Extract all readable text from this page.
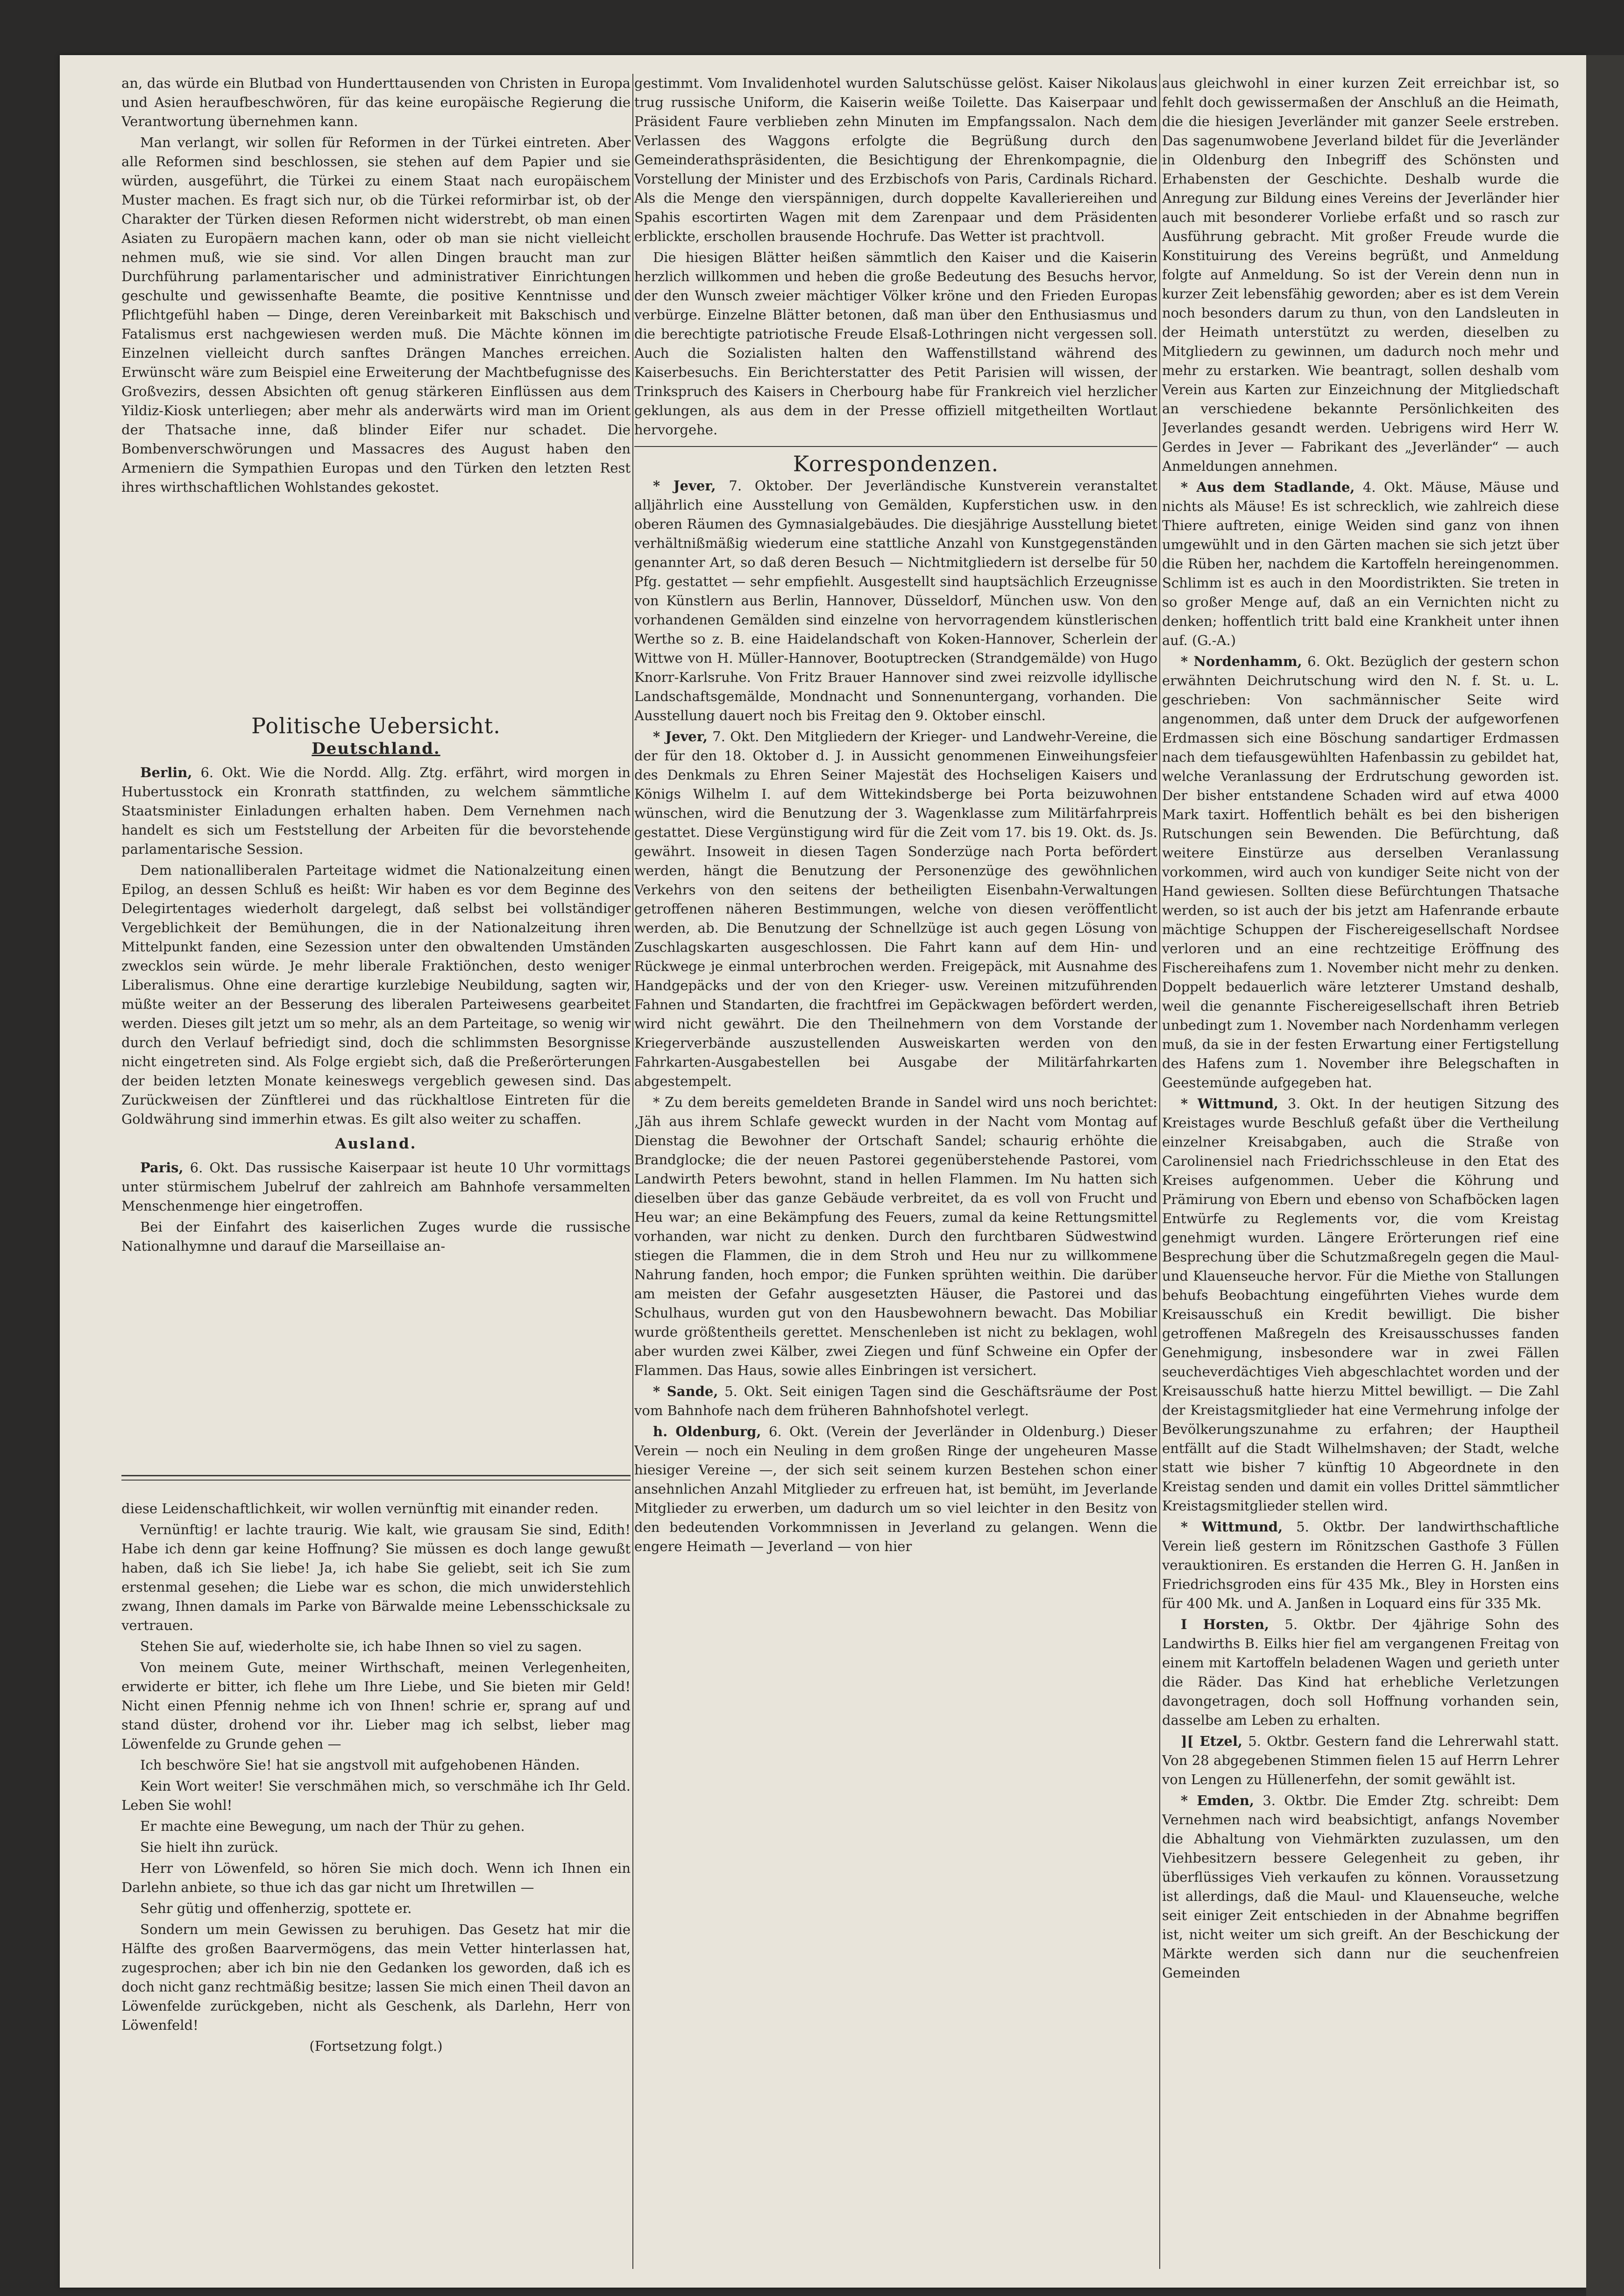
an, das würde ein Blutbad von Hunderttausenden von Christen in Europa und Asien heraufbeschwören, für das keine europäische Regierung die Verantwortung übernehmen kann.

Man verlangt, wir sollen für Reformen in der Türkei eintreten. Aber alle Reformen sind beschlossen, sie stehen auf dem Papier und sie würden, ausgeführt, die Türkei zu einem Staat nach europäischem Muster machen. Es fragt sich nur, ob die Türkei reformirbar ist, ob der Charakter der Türken diesen Reformen nicht widerstrebt, ob man einen Asiaten zu Europäern machen kann, oder ob man sie nicht vielleicht nehmen muß, wie sie sind. Vor allen Dingen braucht man zur Durchführung parlamentarischer und administrativer Einrichtungen geschulte und gewissenhafte Beamte, die positive Kenntnisse und Pflichtgefühl haben — Dinge, deren Vereinbarkeit mit Bakschisch und Fatalismus erst nachgewiesen werden muß. Die Mächte können im Einzelnen vielleicht durch sanftes Drängen Manches erreichen. Erwünscht wäre zum Beispiel eine Erweiterung der Machtbefugnisse des Großvezirs, dessen Absichten oft genug stärkeren Einflüssen aus dem Yildiz-Kiosk unterliegen; aber mehr als anderwärts wird man im Orient der Thatsache inne, daß blinder Eifer nur schadet. Die Bombenverschwörungen und Massacres des August haben den Armeniern die Sympathien Europas und den Türken den letzten Rest ihres wirthschaftlichen Wohlstandes gekostet.

Politische Uebersicht.
Deutschland.

Berlin, 6. Okt. Wie die Nordd. Allg. Ztg. erfährt, wird morgen in Hubertusstock ein Kronrath stattfinden, zu welchem sämmtliche Staatsminister Einladungen erhalten haben. Dem Vernehmen nach handelt es sich um Feststellung der Arbeiten für die bevorstehende parlamentarische Session.

Dem nationalliberalen Parteitage widmet die Nationalzeitung einen Epilog, an dessen Schluß es heißt: Wir haben es vor dem Beginne des Delegirtentages wiederholt dargelegt, daß selbst bei vollständiger Vergeblichkeit der Bemühungen, die in der Nationalzeitung ihren Mittelpunkt fanden, eine Sezession unter den obwaltenden Umständen zwecklos sein würde. Je mehr liberale Fraktiönchen, desto weniger Liberalismus. Ohne eine derartige kurzlebige Neubildung, sagten wir, müßte weiter an der Besserung des liberalen Parteiwesens gearbeitet werden. Dieses gilt jetzt um so mehr, als an dem Parteitage, so wenig wir durch den Verlauf befriedigt sind, doch die schlimmsten Besorgnisse nicht eingetreten sind. Als Folge ergiebt sich, daß die Preßerörterungen der beiden letzten Monate keineswegs vergeblich gewesen sind. Das Zurückweisen der Zünftlerei und das rückhaltlose Eintreten für die Goldwährung sind immerhin etwas. Es gilt also weiter zu schaffen.

Ausland.

Paris, 6. Okt. Das russische Kaiserpaar ist heute 10 Uhr vormittags unter stürmischem Jubelruf der zahlreich am Bahnhofe versammelten Menschenmenge hier eingetroffen.

Bei der Einfahrt des kaiserlichen Zuges wurde die russische Nationalhymne und darauf die Marseillaise an-

diese Leidenschaftlichkeit, wir wollen vernünftig mit einander reden.

Vernünftig! er lachte traurig. Wie kalt, wie grausam Sie sind, Edith! Habe ich denn gar keine Hoffnung? Sie müssen es doch lange gewußt haben, daß ich Sie liebe! Ja, ich habe Sie geliebt, seit ich Sie zum erstenmal gesehen; die Liebe war es schon, die mich unwiderstehlich zwang, Ihnen damals im Parke von Bärwalde meine Lebensschicksale zu vertrauen.

Stehen Sie auf, wiederholte sie, ich habe Ihnen so viel zu sagen.

Von meinem Gute, meiner Wirthschaft, meinen Verlegenheiten, erwiderte er bitter, ich flehe um Ihre Liebe, und Sie bieten mir Geld! Nicht einen Pfennig nehme ich von Ihnen! schrie er, sprang auf und stand düster, drohend vor ihr. Lieber mag ich selbst, lieber mag Löwenfelde zu Grunde gehen —

Ich beschwöre Sie! hat sie angstvoll mit aufgehobenen Händen.

Kein Wort weiter! Sie verschmähen mich, so verschmähe ich Ihr Geld. Leben Sie wohl!

Er machte eine Bewegung, um nach der Thür zu gehen.

Sie hielt ihn zurück.

Herr von Löwenfeld, so hören Sie mich doch. Wenn ich Ihnen ein Darlehn anbiete, so thue ich das gar nicht um Ihretwillen —

Sehr gütig und offenherzig, spottete er.

Sondern um mein Gewissen zu beruhigen. Das Gesetz hat mir die Hälfte des großen Baarvermögens, das mein Vetter hinterlassen hat, zugesprochen; aber ich bin nie den Gedanken los geworden, daß ich es doch nicht ganz rechtmäßig besitze; lassen Sie mich einen Theil davon an Löwenfelde zurückgeben, nicht als Geschenk, als Darlehn, Herr von Löwenfeld!

(Fortsetzung folgt.)

gestimmt. Vom Invalidenhotel wurden Salutschüsse gelöst. Kaiser Nikolaus trug russische Uniform, die Kaiserin weiße Toilette. Das Kaiserpaar und Präsident Faure verblieben zehn Minuten im Empfangssalon. Nach dem Verlassen des Waggons erfolgte die Begrüßung durch den Gemeinderathspräsidenten, die Besichtigung der Ehrenkompagnie, die Vorstellung der Minister und des Erzbischofs von Paris, Cardinals Richard. Als die Menge den vierspännigen, durch doppelte Kavalleriereihen und Spahis escortirten Wagen mit dem Zarenpaar und dem Präsidenten erblickte, erschollen brausende Hochrufe. Das Wetter ist prachtvoll.

Die hiesigen Blätter heißen sämmtlich den Kaiser und die Kaiserin herzlich willkommen und heben die große Bedeutung des Besuchs hervor, der den Wunsch zweier mächtiger Völker kröne und den Frieden Europas verbürge. Einzelne Blätter betonen, daß man über den Enthusiasmus und die berechtigte patriotische Freude Elsaß-Lothringen nicht vergessen soll. Auch die Sozialisten halten den Waffenstillstand während des Kaiserbesuchs. Ein Berichterstatter des Petit Parisien will wissen, der Trinkspruch des Kaisers in Cherbourg habe für Frankreich viel herzlicher geklungen, als aus dem in der Presse offiziell mitgetheilten Wortlaut hervorgehe.

Korrespondenzen.

* Jever, 7. Oktober. Der Jeverländische Kunstverein veranstaltet alljährlich eine Ausstellung von Gemälden, Kupferstichen usw. in den oberen Räumen des Gymnasialgebäudes. Die diesjährige Ausstellung bietet verhältnißmäßig wiederum eine stattliche Anzahl von Kunstgegenständen genannter Art, so daß deren Besuch — Nichtmitgliedern ist derselbe für 50 Pfg. gestattet — sehr empfiehlt. Ausgestellt sind hauptsächlich Erzeugnisse von Künstlern aus Berlin, Hannover, Düsseldorf, München usw. Von den vorhandenen Gemälden sind einzelne von hervorragendem künstlerischen Werthe so z. B. eine Haidelandschaft von Koken-Hannover, Scherlein der Wittwe von H. Müller-Hannover, Bootuptrecken (Strandgemälde) von Hugo Knorr-Karlsruhe. Von Fritz Brauer Hannover sind zwei reizvolle idyllische Landschaftsgemälde, Mondnacht und Sonnenuntergang, vorhanden. Die Ausstellung dauert noch bis Freitag den 9. Oktober einschl.

* Jever, 7. Okt. Den Mitgliedern der Krieger- und Landwehr-Vereine, die der für den 18. Oktober d. J. in Aussicht genommenen Einweihungsfeier des Denkmals zu Ehren Seiner Majestät des Hochseligen Kaisers und Königs Wilhelm I. auf dem Wittekindsberge bei Porta beizuwohnen wünschen, wird die Benutzung der 3. Wagenklasse zum Militärfahrpreis gestattet. Diese Vergünstigung wird für die Zeit vom 17. bis 19. Okt. ds. Js. gewährt. Insoweit in diesen Tagen Sonderzüge nach Porta befördert werden, hängt die Benutzung der Personenzüge des gewöhnlichen Verkehrs von den seitens der betheiligten Eisenbahn-Verwaltungen getroffenen näheren Bestimmungen, welche von diesen veröffentlicht werden, ab. Die Benutzung der Schnellzüge ist auch gegen Lösung von Zuschlagskarten ausgeschlossen. Die Fahrt kann auf dem Hin- und Rückwege je einmal unterbrochen werden. Freigepäck, mit Ausnahme des Handgepäcks und der von den Krieger- usw. Vereinen mitzuführenden Fahnen und Standarten, die frachtfrei im Gepäckwagen befördert werden, wird nicht gewährt. Die den Theilnehmern von dem Vorstande der Kriegerverbände auszustellenden Ausweiskarten werden von den Fahrkarten-Ausgabestellen bei Ausgabe der Militärfahrkarten abgestempelt.

* Zu dem bereits gemeldeten Brande in Sandel wird uns noch berichtet: ‚Jäh aus ihrem Schlafe geweckt wurden in der Nacht vom Montag auf Dienstag die Bewohner der Ortschaft Sandel; schaurig erhöhte die Brandglocke; die der neuen Pastorei gegenüberstehende Pastorei, vom Landwirth Peters bewohnt, stand in hellen Flammen. Im Nu hatten sich dieselben über das ganze Gebäude verbreitet, da es voll von Frucht und Heu war; an eine Bekämpfung des Feuers, zumal da keine Rettungsmittel vorhanden, war nicht zu denken. Durch den furchtbaren Südwestwind stiegen die Flammen, die in dem Stroh und Heu nur zu willkommene Nahrung fanden, hoch empor; die Funken sprühten weithin. Die darüber am meisten der Gefahr ausgesetzten Häuser, die Pastorei und das Schulhaus, wurden gut von den Hausbewohnern bewacht. Das Mobiliar wurde größtentheils gerettet. Menschenleben ist nicht zu beklagen, wohl aber wurden zwei Kälber, zwei Ziegen und fünf Schweine ein Opfer der Flammen. Das Haus, sowie alles Einbringen ist versichert.

* Sande, 5. Okt. Seit einigen Tagen sind die Geschäftsräume der Post vom Bahnhofe nach dem früheren Bahnhofshotel verlegt.

h. Oldenburg, 6. Okt. (Verein der Jeverländer in Oldenburg.) Dieser Verein — noch ein Neuling in dem großen Ringe der ungeheuren Masse hiesiger Vereine —, der sich seit seinem kurzen Bestehen schon einer ansehnlichen Anzahl Mitglieder zu erfreuen hat, ist bemüht, im Jeverlande Mitglieder zu erwerben, um dadurch um so viel leichter in den Besitz von den bedeutenden Vorkommnissen in Jeverland zu gelangen. Wenn die engere Heimath — Jeverland — von hier

aus gleichwohl in einer kurzen Zeit erreichbar ist, so fehlt doch gewissermaßen der Anschluß an die Heimath, die die hiesigen Jeverländer mit ganzer Seele erstreben. Das sagenumwobene Jeverland bildet für die Jeverländer in Oldenburg den Inbegriff des Schönsten und Erhabensten der Geschichte. Deshalb wurde die Anregung zur Bildung eines Vereins der Jeverländer hier auch mit besonderer Vorliebe erfaßt und so rasch zur Ausführung gebracht. Mit großer Freude wurde die Konstituirung des Vereins begrüßt, und Anmeldung folgte auf Anmeldung. So ist der Verein denn nun in kurzer Zeit lebensfähig geworden; aber es ist dem Verein noch besonders darum zu thun, von den Landsleuten in der Heimath unterstützt zu werden, dieselben zu Mitgliedern zu gewinnen, um dadurch noch mehr und mehr zu erstarken. Wie beantragt, sollen deshalb vom Verein aus Karten zur Einzeichnung der Mitgliedschaft an verschiedene bekannte Persönlichkeiten des Jeverlandes gesandt werden. Uebrigens wird Herr W. Gerdes in Jever — Fabrikant des „Jeverländer“ — auch Anmeldungen annehmen.

* Aus dem Stadlande, 4. Okt. Mäuse, Mäuse und nichts als Mäuse! Es ist schrecklich, wie zahlreich diese Thiere auftreten, einige Weiden sind ganz von ihnen umgewühlt und in den Gärten machen sie sich jetzt über die Rüben her, nachdem die Kartoffeln hereingenommen. Schlimm ist es auch in den Moordistrikten. Sie treten in so großer Menge auf, daß an ein Vernichten nicht zu denken; hoffentlich tritt bald eine Krankheit unter ihnen auf. (G.-A.)

* Nordenhamm, 6. Okt. Bezüglich der gestern schon erwähnten Deichrutschung wird den N. f. St. u. L. geschrieben: Von sachmännischer Seite wird angenommen, daß unter dem Druck der aufgeworfenen Erdmassen sich eine Böschung sandartiger Erdmassen nach dem tiefausgewühlten Hafenbassin zu gebildet hat, welche Veranlassung der Erdrutschung geworden ist. Der bisher entstandene Schaden wird auf etwa 4000 Mark taxirt. Hoffentlich behält es bei den bisherigen Rutschungen sein Bewenden. Die Befürchtung, daß weitere Einstürze aus derselben Veranlassung vorkommen, wird auch von kundiger Seite nicht von der Hand gewiesen. Sollten diese Befürchtungen Thatsache werden, so ist auch der bis jetzt am Hafenrande erbaute mächtige Schuppen der Fischereigesellschaft Nordsee verloren und an eine rechtzeitige Eröffnung des Fischereihafens zum 1. November nicht mehr zu denken. Doppelt bedauerlich wäre letzterer Umstand deshalb, weil die genannte Fischereigesellschaft ihren Betrieb unbedingt zum 1. November nach Nordenhamm verlegen muß, da sie in der festen Erwartung einer Fertigstellung des Hafens zum 1. November ihre Belegschaften in Geestemünde aufgegeben hat.

* Wittmund, 3. Okt. In der heutigen Sitzung des Kreistages wurde Beschluß gefaßt über die Vertheilung einzelner Kreisabgaben, auch die Straße von Carolinensiel nach Friedrichsschleuse in den Etat des Kreises aufgenommen. Ueber die Köhrung und Prämirung von Ebern und ebenso von Schafböcken lagen Entwürfe zu Reglements vor, die vom Kreistag genehmigt wurden. Längere Erörterungen rief eine Besprechung über die Schutzmaßregeln gegen die Maul- und Klauenseuche hervor. Für die Miethe von Stallungen behufs Beobachtung eingeführten Viehes wurde dem Kreisausschuß ein Kredit bewilligt. Die bisher getroffenen Maßregeln des Kreisausschusses fanden Genehmigung, insbesondere war in zwei Fällen seucheverdächtiges Vieh abgeschlachtet worden und der Kreisausschuß hatte hierzu Mittel bewilligt. — Die Zahl der Kreistagsmitglieder hat eine Vermehrung infolge der Bevölkerungszunahme zu erfahren; der Hauptheil entfällt auf die Stadt Wilhelmshaven; der Stadt, welche statt wie bisher 7 künftig 10 Abgeordnete in den Kreistag senden und damit ein volles Drittel sämmtlicher Kreistagsmitglieder stellen wird.

* Wittmund, 5. Oktbr. Der landwirthschaftliche Verein ließ gestern im Rönitzschen Gasthofe 3 Füllen verauktioniren. Es erstanden die Herren G. H. Janßen in Friedrichsgroden eins für 435 Mk., Bley in Horsten eins für 400 Mk. und A. Janßen in Loquard eins für 335 Mk.

I Horsten, 5. Oktbr. Der 4jährige Sohn des Landwirths B. Eilks hier fiel am vergangenen Freitag von einem mit Kartoffeln beladenen Wagen und gerieth unter die Räder. Das Kind hat erhebliche Verletzungen davongetragen, doch soll Hoffnung vorhanden sein, dasselbe am Leben zu erhalten.

][ Etzel, 5. Oktbr. Gestern fand die Lehrerwahl statt. Von 28 abgegebenen Stimmen fielen 15 auf Herrn Lehrer von Lengen zu Hüllenerfehn, der somit gewählt ist.

* Emden, 3. Oktbr. Die Emder Ztg. schreibt: Dem Vernehmen nach wird beabsichtigt, anfangs November die Abhaltung von Viehmärkten zuzulassen, um den Viehbesitzern bessere Gelegenheit zu geben, ihr überflüssiges Vieh verkaufen zu können. Voraussetzung ist allerdings, daß die Maul- und Klauenseuche, welche seit einiger Zeit entschieden in der Abnahme begriffen ist, nicht weiter um sich greift. An der Beschickung der Märkte werden sich dann nur die seuchenfreien Gemeinden
